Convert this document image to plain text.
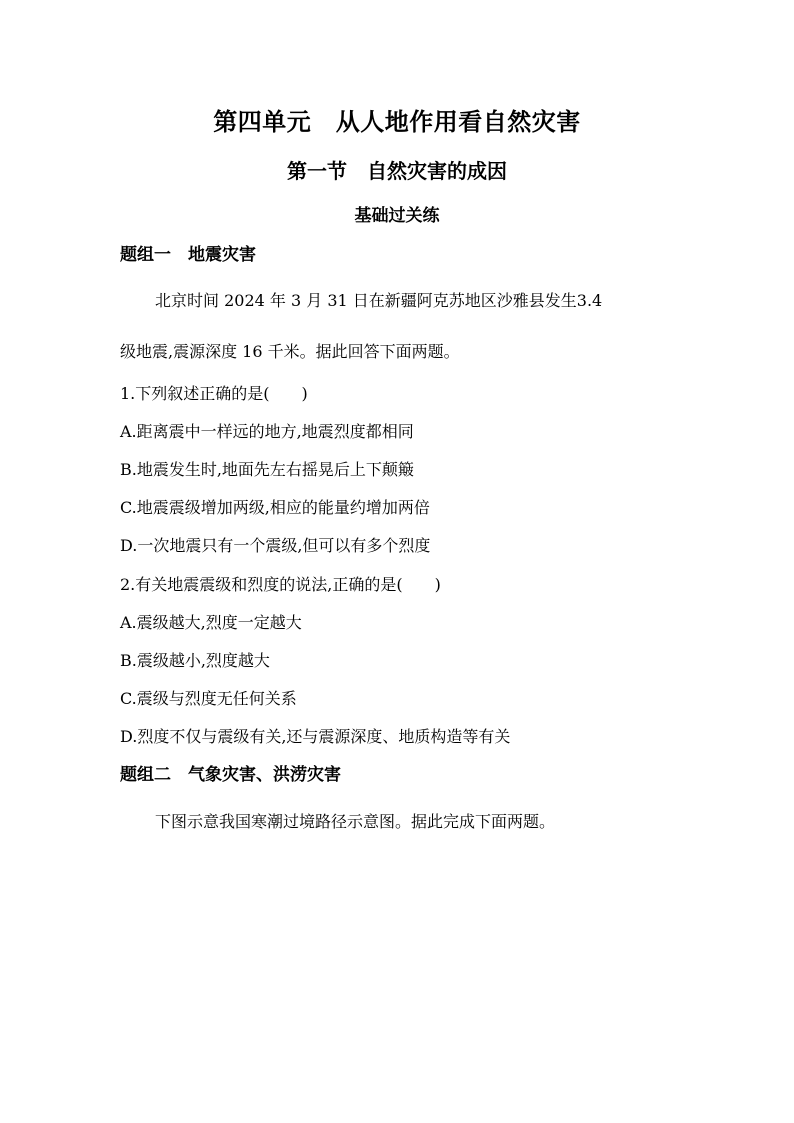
第四单元　从人地作用看自然灾害
第一节　自然灾害的成因
基础过关练
题组一　地震灾害
北京时间 2024 年 3 月 31 日在新疆阿克苏地区沙雅县发生3.4
级地震,震源深度 16 千米。据此回答下面两题。
1.下列叙述正确的是(　　)
A.距离震中一样远的地方,地震烈度都相同
B.地震发生时,地面先左右摇晃后上下颠簸
C.地震震级增加两级,相应的能量约增加两倍
D.一次地震只有一个震级,但可以有多个烈度
2.有关地震震级和烈度的说法,正确的是(　　)
A.震级越大,烈度一定越大
B.震级越小,烈度越大
C.震级与烈度无任何关系
D.烈度不仅与震级有关,还与震源深度、地质构造等有关
题组二　气象灾害、洪涝灾害
下图示意我国寒潮过境路径示意图。据此完成下面两题。
